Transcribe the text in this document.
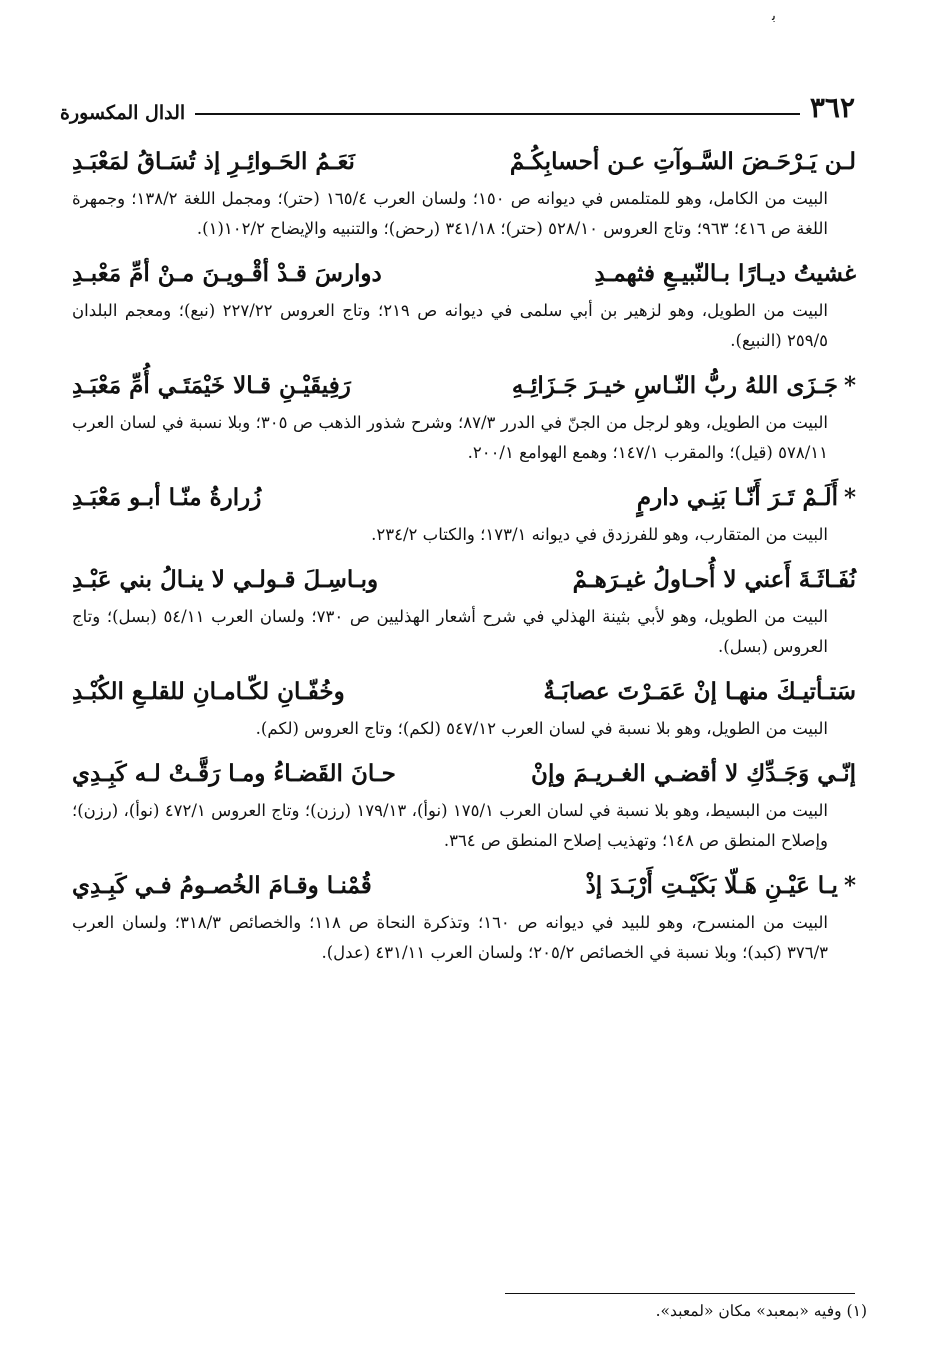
ﺑ
الدال المكسورة	٣٦٢
لـن يَـرْحَـضَ السَّـوآتِ عـن أحسابِكُـمْ
نَعَـمُ الحَـوائِـرِ إذ تُسَـاقُ لمَعْبَـدِ
البيت من الكامل، وهو للمتلمس في ديوانه ص ١٥٠؛ ولسان العرب ١٦٥/٤ (حتر)؛ ومجمل اللغة ١٣٨/٢؛ وجمهرة اللغة ص ٤١٦؛ ٩٦٣؛ وتاج العروس ٥٢٨/١٠ (حتر)؛ ٣٤١/١٨ (رحض)؛ والتنبيه والإيضاح ١٠٢/٢(١).
غشيتُ ديـارًا بـالنّبيـعِ فثهمـدِ
دوارسَ قـدْ أقْـويـنَ مـنْ أمِّ مَعْبـدِ
البيت من الطويل، وهو لزهير بن أبي سلمى في ديوانه ص ٢١٩؛ وتاج العروس ٢٢٧/٢٢ (نبع)؛ ومعجم البلدان ٢٥٩/٥ (النبيع).
*
جَـزَى اللهُ ربُّ النّـاسِ خيـرَ جَـزَائِـهِ
رَفِيقَيْـنِ قـالا خَيْمَتَـي أُمِّ مَعْبَـدِ
البيت من الطويل، وهو لرجل من الجنّ في الدرر ٨٧/٣؛ وشرح شذور الذهب ص ٣٠٥؛ وبلا نسبة في لسان العرب ٥٧٨/١١ (قيل)؛ والمقرب ١٤٧/١؛ وهمع الهوامع ٢٠٠/١.
*
أَلَـمْ تَـرَ أَنّـا بَنِـي دارمٍ
زُرارةُ منّـا أبـو مَعْبَـدِ
البيت من المتقارب، وهو للفرزدق في ديوانه ١٧٣/١؛ والكتاب ٢٣٤/٢.
نُفَـاثَـةَ أَعني لا أُحـاولُ غيـرَهـمْ
وبـاسِـلَ قـولـي لا ينـالُ بني عَبْـدِ
البيت من الطويل، وهو لأبي بثينة الهذلي في شرح أشعار الهذليين ص ٧٣٠؛ ولسان العرب ٥٤/١١ (بسل)؛ وتاج العروس (بسل).
سَتـأتيـكَ منهـا إنْ عَمَـرْتَ عصابَـةٌ
وخُفّـانِ لكّـامـانِ للقلـعِ الكُبْـدِ
البيت من الطويل، وهو بلا نسبة في لسان العرب ٥٤٧/١٢ (لكم)؛ وتاج العروس (لكم).
إنّـي وَجَـدِّكِ لا أقضـي الغـريـمَ وإنْ
حـانَ القَضـاءُ ومـا رَقَّـتْ لـه كَبِـدِي
البيت من البسيط، وهو بلا نسبة في لسان العرب ١٧٥/١ (نوأ)، ١٧٩/١٣ (رزن)؛ وتاج العروس ٤٧٢/١ (نوأ)، (رزن)؛ وإصلاح المنطق ص ١٤٨؛ وتهذيب إصلاح المنطق ص ٣٦٤.
*
يـا عَيْـنِ هَـلّا بَكَيْـتِ أَرْبَـدَ إذْ
قُمْنـا وقـامَ الخُصـومُ فـي كَبِـدِي
البيت من المنسرح، وهو للبيد في ديوانه ص ١٦٠؛ وتذكرة النحاة ص ١١٨؛ والخصائص ٣١٨/٣؛ ولسان العرب ٣٧٦/٣ (كبد)؛ وبلا نسبة في الخصائص ٢٠٥/٢؛ ولسان العرب ٤٣١/١١ (عدل).
(١) وفيه «بمعبد» مكان «لمعبد».
